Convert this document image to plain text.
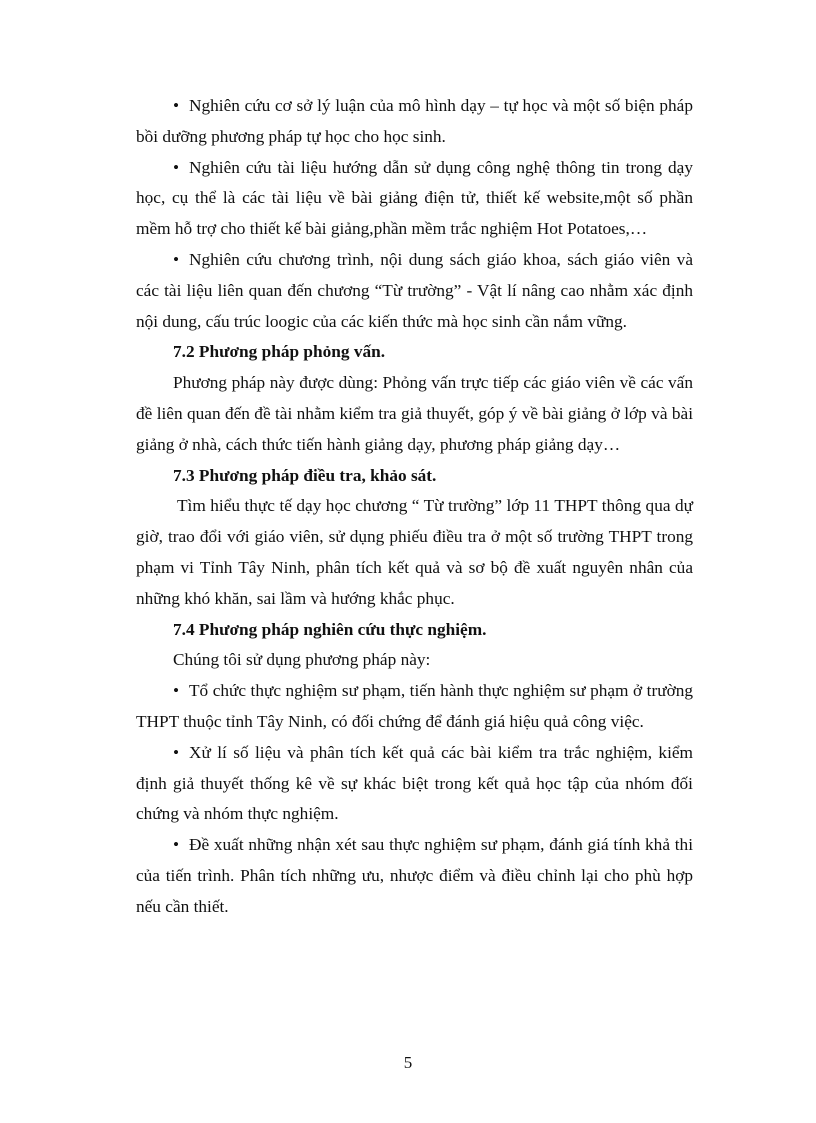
• Nghiên cứu cơ sở lý luận của mô hình dạy – tự học và một số biện pháp bồi dưỡng phương pháp tự học cho học sinh.

• Nghiên cứu tài liệu hướng dẫn sử dụng công nghệ thông tin trong dạy học, cụ thể là các tài liệu về bài giảng điện tử, thiết kế website,một số phần mềm hỗ trợ cho thiết kế bài giảng,phần mềm trắc nghiệm Hot Potatoes,…

• Nghiên cứu chương trình, nội dung sách giáo khoa, sách giáo viên và các tài liệu liên quan đến chương “Từ trường” - Vật lí nâng cao nhằm xác định nội dung, cấu trúc loogic của các kiến thức mà học sinh cần nắm vững.

7.2 Phương pháp phỏng vấn.

Phương pháp này được dùng: Phỏng vấn trực tiếp các giáo viên về các vấn đề liên quan đến đề tài nhằm kiểm tra giả thuyết, góp ý về bài giảng ở lớp và bài giảng ở nhà, cách thức tiến hành giảng dạy, phương pháp giảng dạy…

7.3 Phương pháp điều tra, khảo sát.

Tìm hiểu thực tế dạy học chương “ Từ trường” lớp 11 THPT thông qua dự giờ, trao đổi với giáo viên, sử dụng phiếu điều tra ở một số trường THPT trong phạm vi Tỉnh Tây Ninh, phân tích kết quả và sơ bộ đề xuất nguyên nhân của những khó khăn, sai lầm và hướng khắc phục.

7.4 Phương pháp nghiên cứu thực nghiệm.

Chúng tôi sử dụng phương pháp này:

• Tổ chức thực nghiệm sư phạm, tiến hành thực nghiệm sư phạm ở trường THPT thuộc tỉnh Tây Ninh, có đối chứng để đánh giá hiệu quả công việc.

• Xử lí số liệu và phân tích kết quả các bài kiểm tra trắc nghiệm, kiểm định giả thuyết thống kê về sự khác biệt trong kết quả học tập của nhóm đối chứng và nhóm thực nghiệm.

• Đề xuất những nhận xét sau thực nghiệm sư phạm, đánh giá tính khả thi của tiến trình. Phân tích những ưu, nhược điểm và điều chỉnh lại cho phù hợp nếu cần thiết.

5
